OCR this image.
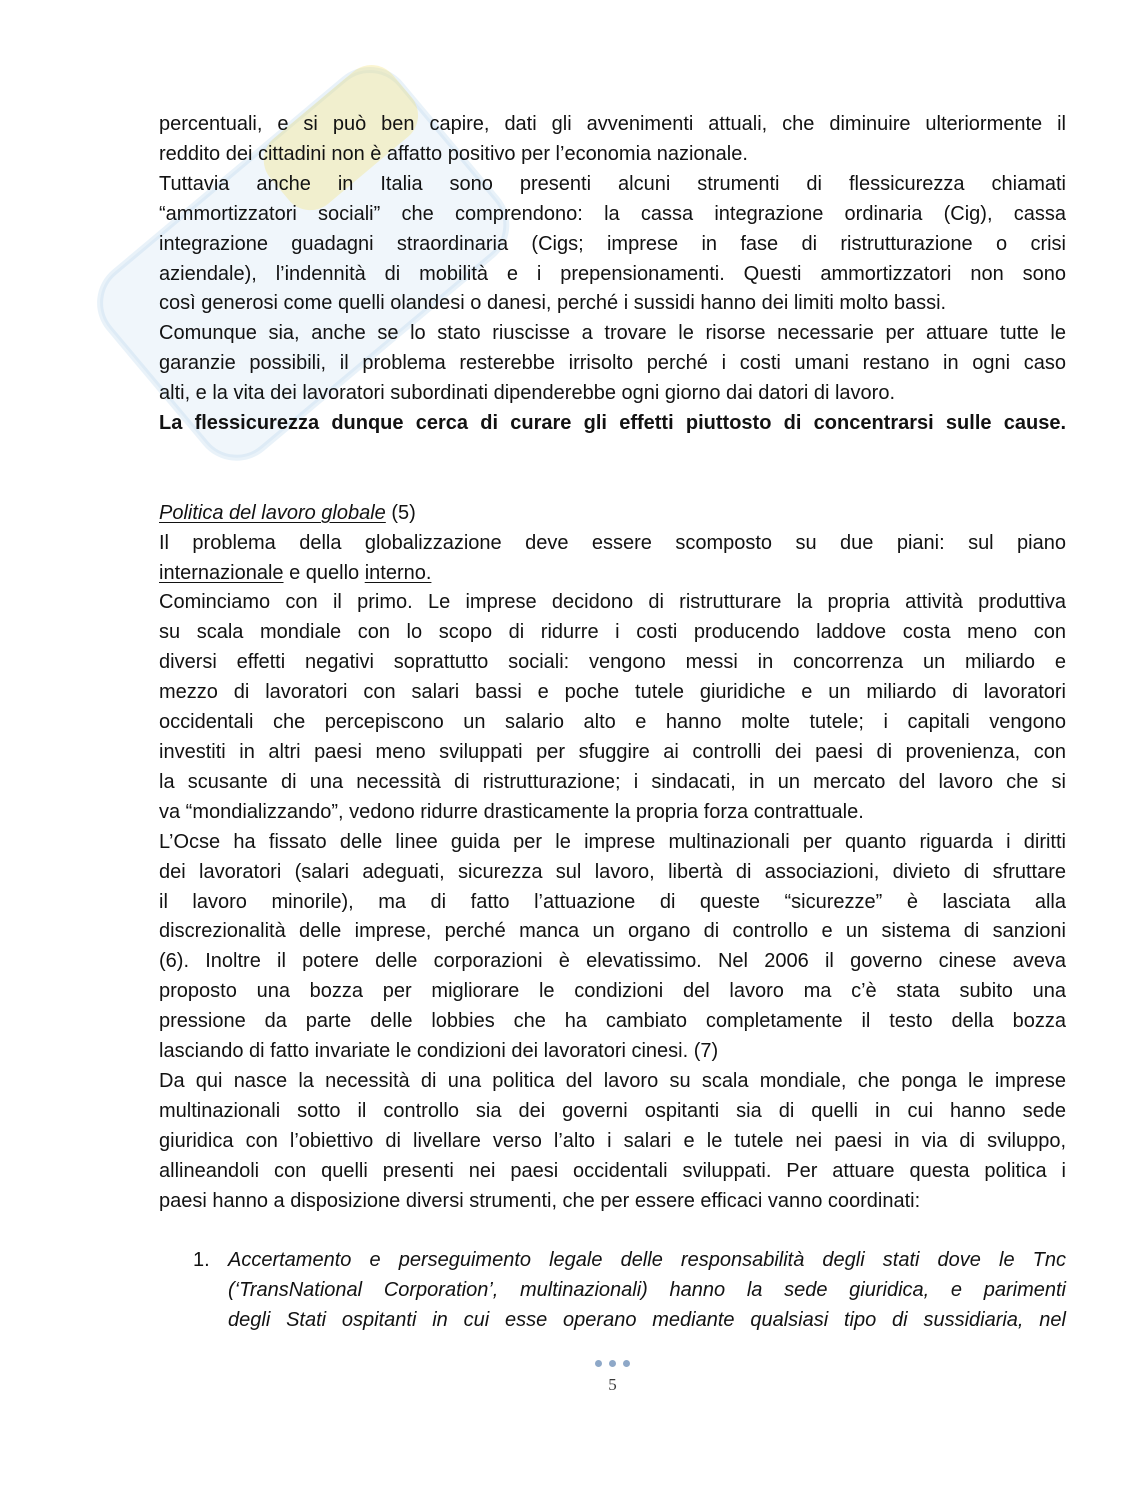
percentuali, e si può ben capire, dati gli avvenimenti attuali, che diminuire ulteriormente il
reddito dei cittadini non è affatto positivo per l’economia nazionale.
Tuttavia anche in Italia sono presenti alcuni strumenti di flessicurezza chiamati
“ammortizzatori sociali” che comprendono: la cassa integrazione ordinaria (Cig), cassa
integrazione guadagni straordinaria (Cigs; imprese in fase di ristrutturazione o crisi
aziendale), l’indennità di mobilità e i prepensionamenti. Questi ammortizzatori non sono
così generosi come quelli olandesi o danesi, perché i sussidi hanno dei limiti molto bassi.
Comunque sia, anche se lo stato riuscisse a trovare le risorse necessarie per attuare tutte le
garanzie possibili, il problema resterebbe irrisolto perché i costi umani restano in ogni caso
alti, e la vita dei lavoratori subordinati dipenderebbe ogni giorno dai datori di lavoro.
La flessicurezza dunque cerca di curare gli effetti piuttosto di concentrarsi sulle cause.
Politica del lavoro globale (5)
Il problema della globalizzazione deve essere scomposto su due piani: sul piano
internazionale e quello interno.
Cominciamo con il primo. Le imprese decidono di ristrutturare la propria attività produttiva
su scala mondiale con lo scopo di ridurre i costi producendo laddove costa meno con
diversi effetti negativi soprattutto sociali: vengono messi in concorrenza un miliardo e
mezzo di lavoratori con salari bassi e poche tutele giuridiche e un miliardo di lavoratori
occidentali che percepiscono un salario alto e hanno molte tutele; i capitali vengono
investiti in altri paesi meno sviluppati per sfuggire ai controlli dei paesi di provenienza, con
la scusante di una necessità di ristrutturazione; i sindacati, in un mercato del lavoro che si
va “mondializzando”, vedono ridurre drasticamente la propria forza contrattuale.
L’Ocse ha fissato delle linee guida per le imprese multinazionali per quanto riguarda i diritti
dei lavoratori (salari adeguati, sicurezza sul lavoro, libertà di associazioni, divieto di sfruttare
il lavoro minorile), ma di fatto l’attuazione di queste “sicurezze” è lasciata alla
discrezionalità delle imprese, perché manca un organo di controllo e un sistema di sanzioni
(6). Inoltre il potere delle corporazioni è elevatissimo. Nel 2006 il governo cinese aveva
proposto una bozza per migliorare le condizioni del lavoro ma c’è stata subito una
pressione da parte delle lobbies che ha cambiato completamente il testo della bozza
lasciando di fatto invariate le condizioni dei lavoratori cinesi. (7)
Da qui nasce la necessità di una politica del lavoro su scala mondiale, che ponga le imprese
multinazionali sotto il controllo sia dei governi ospitanti sia di quelli in cui hanno sede
giuridica con l’obiettivo di livellare verso l’alto i salari e le tutele nei paesi in via di sviluppo,
allineandoli con quelli presenti nei paesi occidentali sviluppati. Per attuare questa politica i
paesi hanno a disposizione diversi strumenti, che per essere efficaci vanno coordinati:
1. Accertamento e perseguimento legale delle responsabilità degli stati dove le Tnc
(‘TransNational Corporation’, multinazionali) hanno la sede giuridica, e parimenti
degli Stati ospitanti in cui esse operano mediante qualsiasi tipo di sussidiaria, nel
5
